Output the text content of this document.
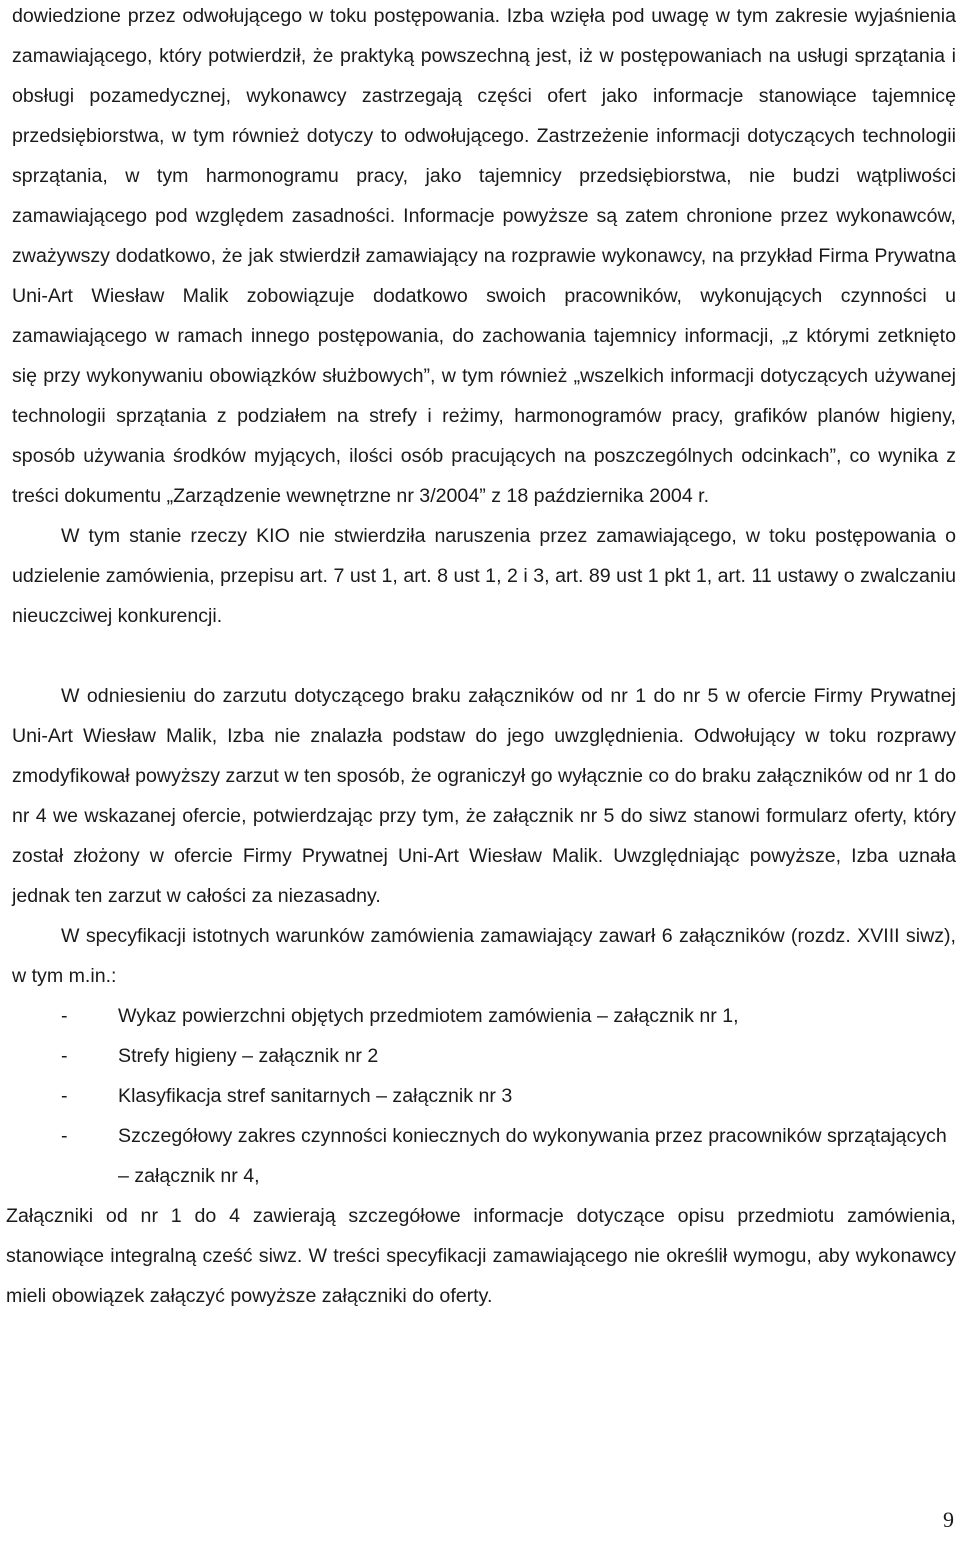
dowiedzione przez odwołującego w toku postępowania. Izba wzięła pod uwagę w tym zakresie wyjaśnienia zamawiającego, który potwierdził, że praktyką powszechną jest, iż w postępowaniach na usługi sprzątania i obsługi pozamedycznej, wykonawcy zastrzegają części ofert jako informacje stanowiące tajemnicę przedsiębiorstwa, w tym również dotyczy to odwołującego. Zastrzeżenie informacji dotyczących technologii sprzątania, w tym harmonogramu pracy, jako tajemnicy przedsiębiorstwa, nie budzi wątpliwości zamawiającego pod względem zasadności. Informacje powyższe są zatem chronione przez wykonawców, zważywszy dodatkowo, że jak stwierdził zamawiający na rozprawie wykonawcy, na przykład Firma Prywatna Uni-Art Wiesław Malik zobowiązuje dodatkowo swoich pracowników, wykonujących czynności u zamawiającego w ramach innego postępowania, do zachowania tajemnicy informacji, „z którymi zetknięto się przy wykonywaniu obowiązków służbowych”, w tym również „wszelkich informacji dotyczących używanej technologii sprzątania z podziałem na strefy i reżimy, harmonogramów pracy, grafików planów higieny, sposób używania środków myjących, ilości osób pracujących na poszczególnych odcinkach”, co wynika z treści dokumentu „Zarządzenie wewnętrzne nr 3/2004” z 18 października 2004 r.

W tym stanie rzeczy KIO nie stwierdziła naruszenia przez zamawiającego, w toku postępowania o udzielenie zamówienia, przepisu art. 7 ust 1, art. 8 ust 1, 2 i 3, art. 89 ust 1 pkt 1, art. 11 ustawy o zwalczaniu nieuczciwej konkurencji.

W odniesieniu do zarzutu dotyczącego braku załączników od nr 1 do nr 5 w ofercie Firmy Prywatnej Uni-Art Wiesław Malik, Izba nie znalazła podstaw do jego uwzględnienia. Odwołujący w toku rozprawy zmodyfikował powyższy zarzut w ten sposób, że ograniczył go wyłącznie co do braku załączników od nr 1 do nr 4 we wskazanej ofercie, potwierdzając przy tym, że załącznik nr 5 do siwz stanowi formularz oferty, który został złożony w ofercie Firmy Prywatnej Uni-Art Wiesław Malik. Uwzględniając powyższe, Izba uznała jednak ten zarzut w całości za niezasadny.

W specyfikacji istotnych warunków zamówienia zamawiający zawarł 6 załączników (rozdz. XVIII siwz), w tym m.in.:

-	Wykaz powierzchni objętych przedmiotem zamówienia – załącznik nr 1,
-	Strefy higieny – załącznik nr 2
-	Klasyfikacja stref sanitarnych – załącznik nr 3
-	Szczegółowy zakres czynności koniecznych do wykonywania przez pracowników sprzątających – załącznik nr 4,

Załączniki od nr 1 do 4 zawierają szczegółowe informacje dotyczące opisu przedmiotu zamówienia, stanowiące integralną cześć siwz. W treści specyfikacji zamawiającego nie określił wymogu, aby wykonawcy mieli obowiązek załączyć powyższe załączniki do oferty.

9
